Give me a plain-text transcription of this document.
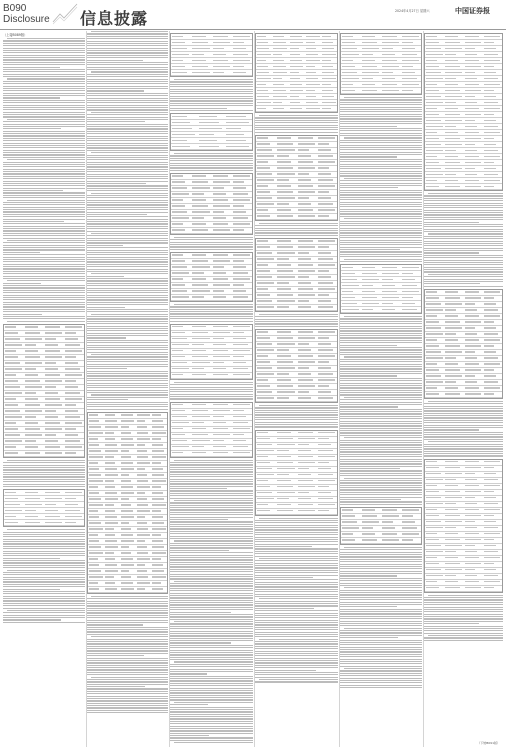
B090
Disclosure 信息披露	2024年4月27日 星期六	中国证券报
（上接B089版）
（下转B091版）
